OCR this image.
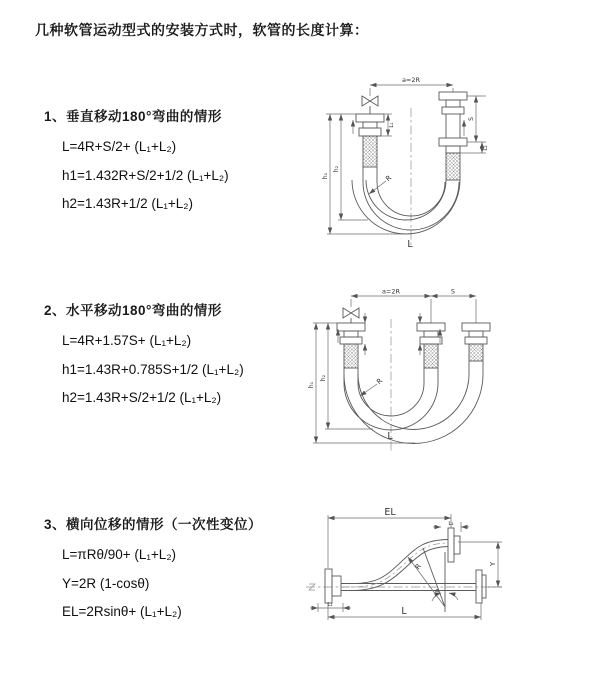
几种软管运动型式的安装方式时，软管的长度计算：
1、垂直移动180°弯曲的情形
L=4R+S/2+ (L₁+L₂)
h1=1.432R+S/2+1/2 (L₁+L₂)
h2=1.43R+1/2 (L₁+L₂)
2、水平移动180°弯曲的情形
L=4R+1.57S+ (L₁+L₂)
h1=1.43R+0.785S+1/2 (L₁+L₂)
h2=1.43R+S/2+1/2 (L₁+L₂)
3、横向位移的情形（一次性变位）
L=πRθ/90+ (L₁+L₂)
Y=2R (1-cosθ)
EL=2Rsinθ+ (L₁+L₂)
a=2R
L₁
S
L₂
h₁
h₂
R
L
a=2R	S
h₁
h₂	R
L
EL
L₂
Y
R
θ
L₁
L
